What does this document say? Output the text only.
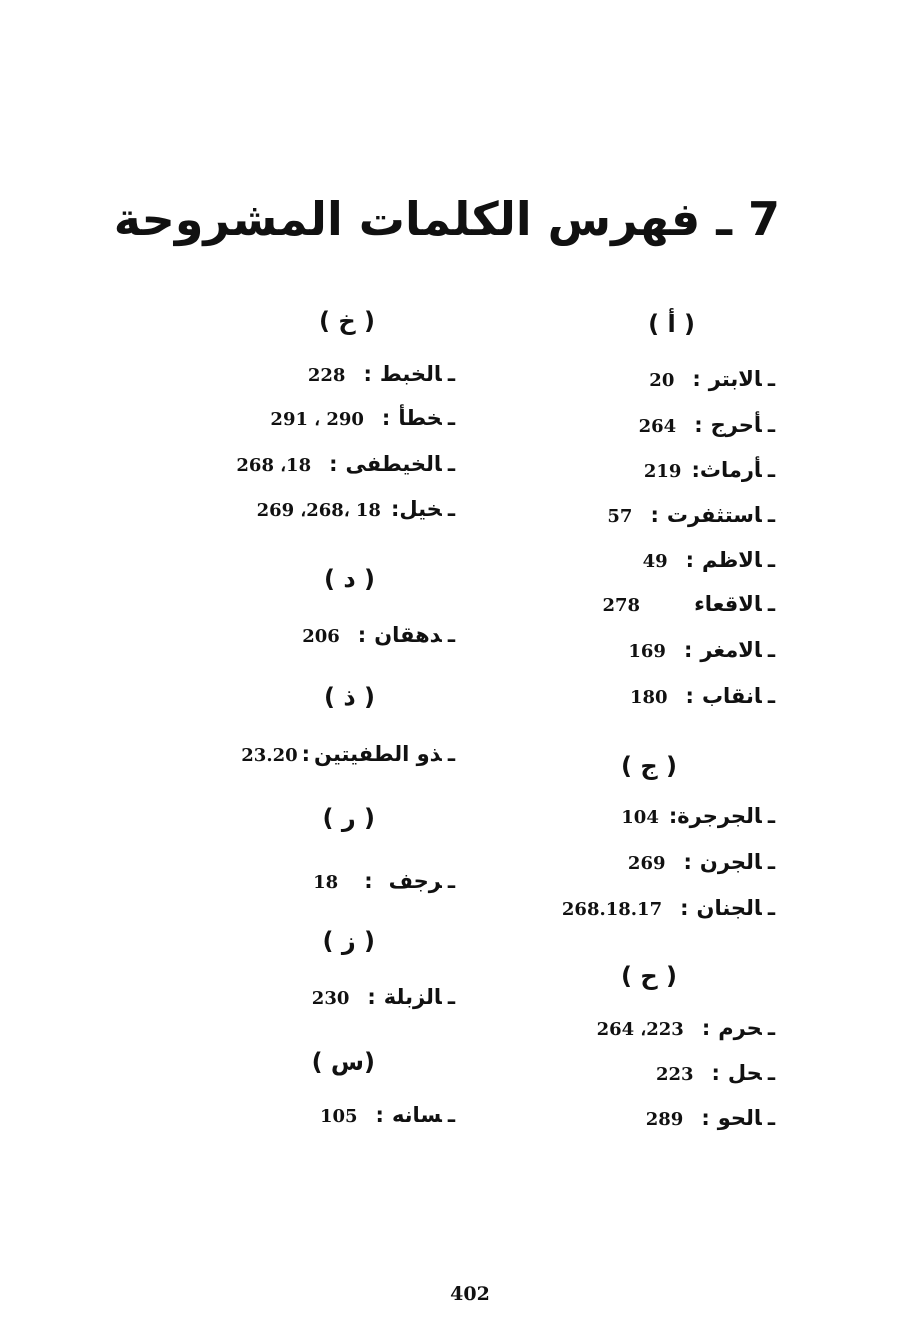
7 ـ فهرس الكلمات المشروحة
( أ )
ـالابتر:20
ـأحرج:264
ـأرماث:219
ـاستثفرت:57
ـالاظم:49
ـالاقعاء278
ـالامغر:169
ـانقاب:180
( ج )
ـالجرجرة:104
ـالجرن:269
ـالجنان:268.18.17
( ح )
ـحرم:264 ،223
ـحل:223
ـالحو:289
( خ )
ـالخبط:228
ـخطأ:291 ، 290
ـالخيطفى:268 ،18
ـخيل:269 ،268، 18
( د )
ـدهقان:206
( ذ )
ـذو الطفيتين:23.20
( ر )
ـرجف:18
( ز )
ـالزبلة:230
(س )
ـسانه:105
402
